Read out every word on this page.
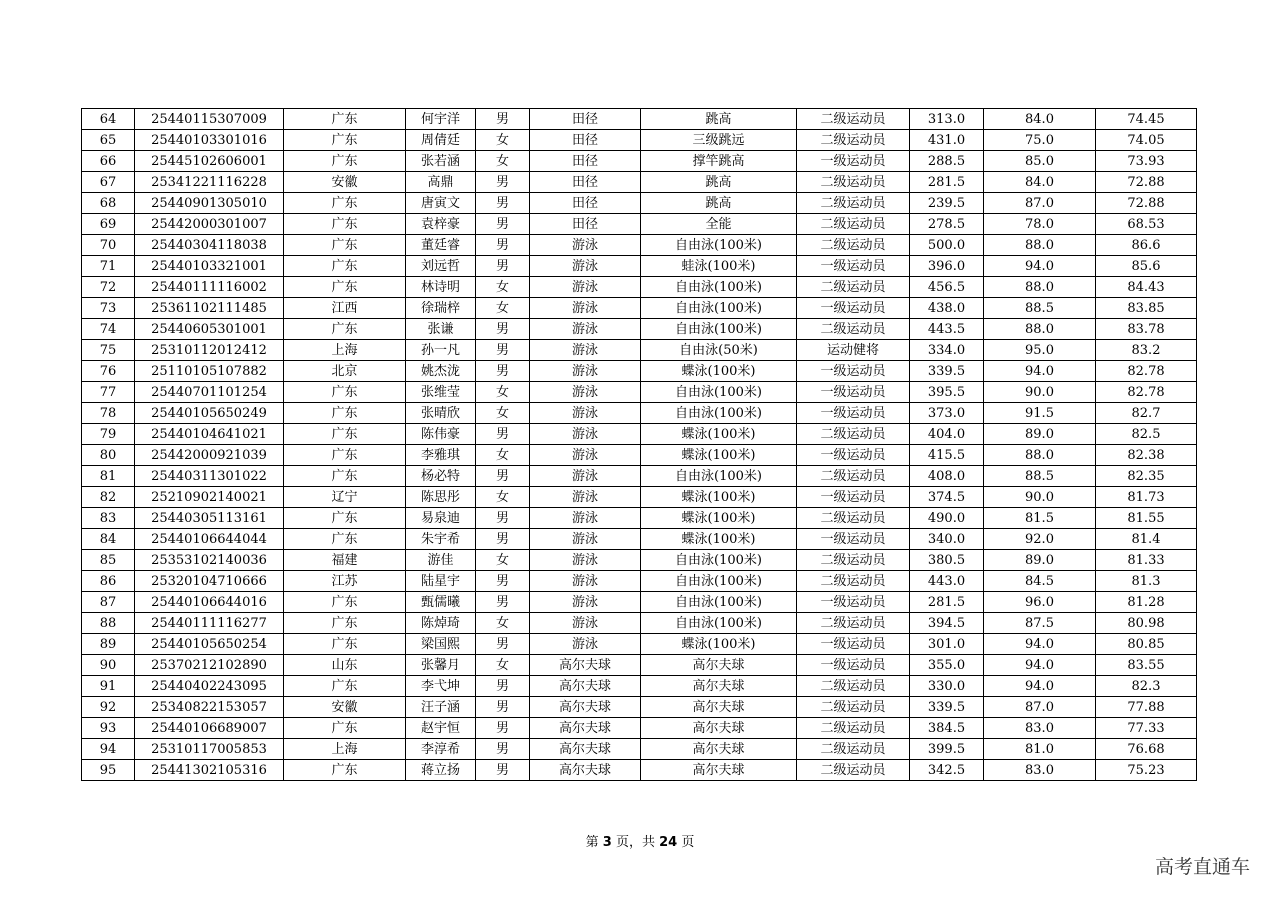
64	25440115307009	广东	何宇洋	男	田径	跳高	二级运动员	313.0	84.0	74.45
65	25440103301016	广东	周倩廷	女	田径	三级跳远	二级运动员	431.0	75.0	74.05
66	25445102606001	广东	张若涵	女	田径	撑竿跳高	一级运动员	288.5	85.0	73.93
67	25341221116228	安徽	高鼎	男	田径	跳高	二级运动员	281.5	84.0	72.88
68	25440901305010	广东	唐寅文	男	田径	跳高	二级运动员	239.5	87.0	72.88
69	25442000301007	广东	袁梓豪	男	田径	全能	二级运动员	278.5	78.0	68.53
70	25440304118038	广东	董廷睿	男	游泳	自由泳(100米)	二级运动员	500.0	88.0	86.6
71	25440103321001	广东	刘远哲	男	游泳	蛙泳(100米)	一级运动员	396.0	94.0	85.6
72	25440111116002	广东	林诗明	女	游泳	自由泳(100米)	二级运动员	456.5	88.0	84.43
73	25361102111485	江西	徐瑞梓	女	游泳	自由泳(100米)	一级运动员	438.0	88.5	83.85
74	25440605301001	广东	张谦	男	游泳	自由泳(100米)	二级运动员	443.5	88.0	83.78
75	25310112012412	上海	孙一凡	男	游泳	自由泳(50米)	运动健将	334.0	95.0	83.2
76	25110105107882	北京	姚杰泷	男	游泳	蝶泳(100米)	一级运动员	339.5	94.0	82.78
77	25440701101254	广东	张维莹	女	游泳	自由泳(100米)	一级运动员	395.5	90.0	82.78
78	25440105650249	广东	张晴欣	女	游泳	自由泳(100米)	一级运动员	373.0	91.5	82.7
79	25440104641021	广东	陈伟豪	男	游泳	蝶泳(100米)	二级运动员	404.0	89.0	82.5
80	25442000921039	广东	李雅琪	女	游泳	蝶泳(100米)	一级运动员	415.5	88.0	82.38
81	25440311301022	广东	杨必特	男	游泳	自由泳(100米)	二级运动员	408.0	88.5	82.35
82	25210902140021	辽宁	陈思彤	女	游泳	蝶泳(100米)	一级运动员	374.5	90.0	81.73
83	25440305113161	广东	易泉迪	男	游泳	蝶泳(100米)	二级运动员	490.0	81.5	81.55
84	25440106644044	广东	朱宇希	男	游泳	蝶泳(100米)	一级运动员	340.0	92.0	81.4
85	25353102140036	福建	游佳	女	游泳	自由泳(100米)	二级运动员	380.5	89.0	81.33
86	25320104710666	江苏	陆星宇	男	游泳	自由泳(100米)	二级运动员	443.0	84.5	81.3
87	25440106644016	广东	甄儒曦	男	游泳	自由泳(100米)	一级运动员	281.5	96.0	81.28
88	25440111116277	广东	陈焯琦	女	游泳	自由泳(100米)	二级运动员	394.5	87.5	80.98
89	25440105650254	广东	梁国熙	男	游泳	蝶泳(100米)	一级运动员	301.0	94.0	80.85
90	25370212102890	山东	张馨月	女	高尔夫球	高尔夫球	一级运动员	355.0	94.0	83.55
91	25440402243095	广东	李弋坤	男	高尔夫球	高尔夫球	二级运动员	330.0	94.0	82.3
92	25340822153057	安徽	汪子涵	男	高尔夫球	高尔夫球	二级运动员	339.5	87.0	77.88
93	25440106689007	广东	赵宇恒	男	高尔夫球	高尔夫球	二级运动员	384.5	83.0	77.33
94	25310117005853	上海	李淳希	男	高尔夫球	高尔夫球	二级运动员	399.5	81.0	76.68
95	25441302105316	广东	蒋立扬	男	高尔夫球	高尔夫球	二级运动员	342.5	83.0	75.23
第 3 页，共 24 页
高考直通车
